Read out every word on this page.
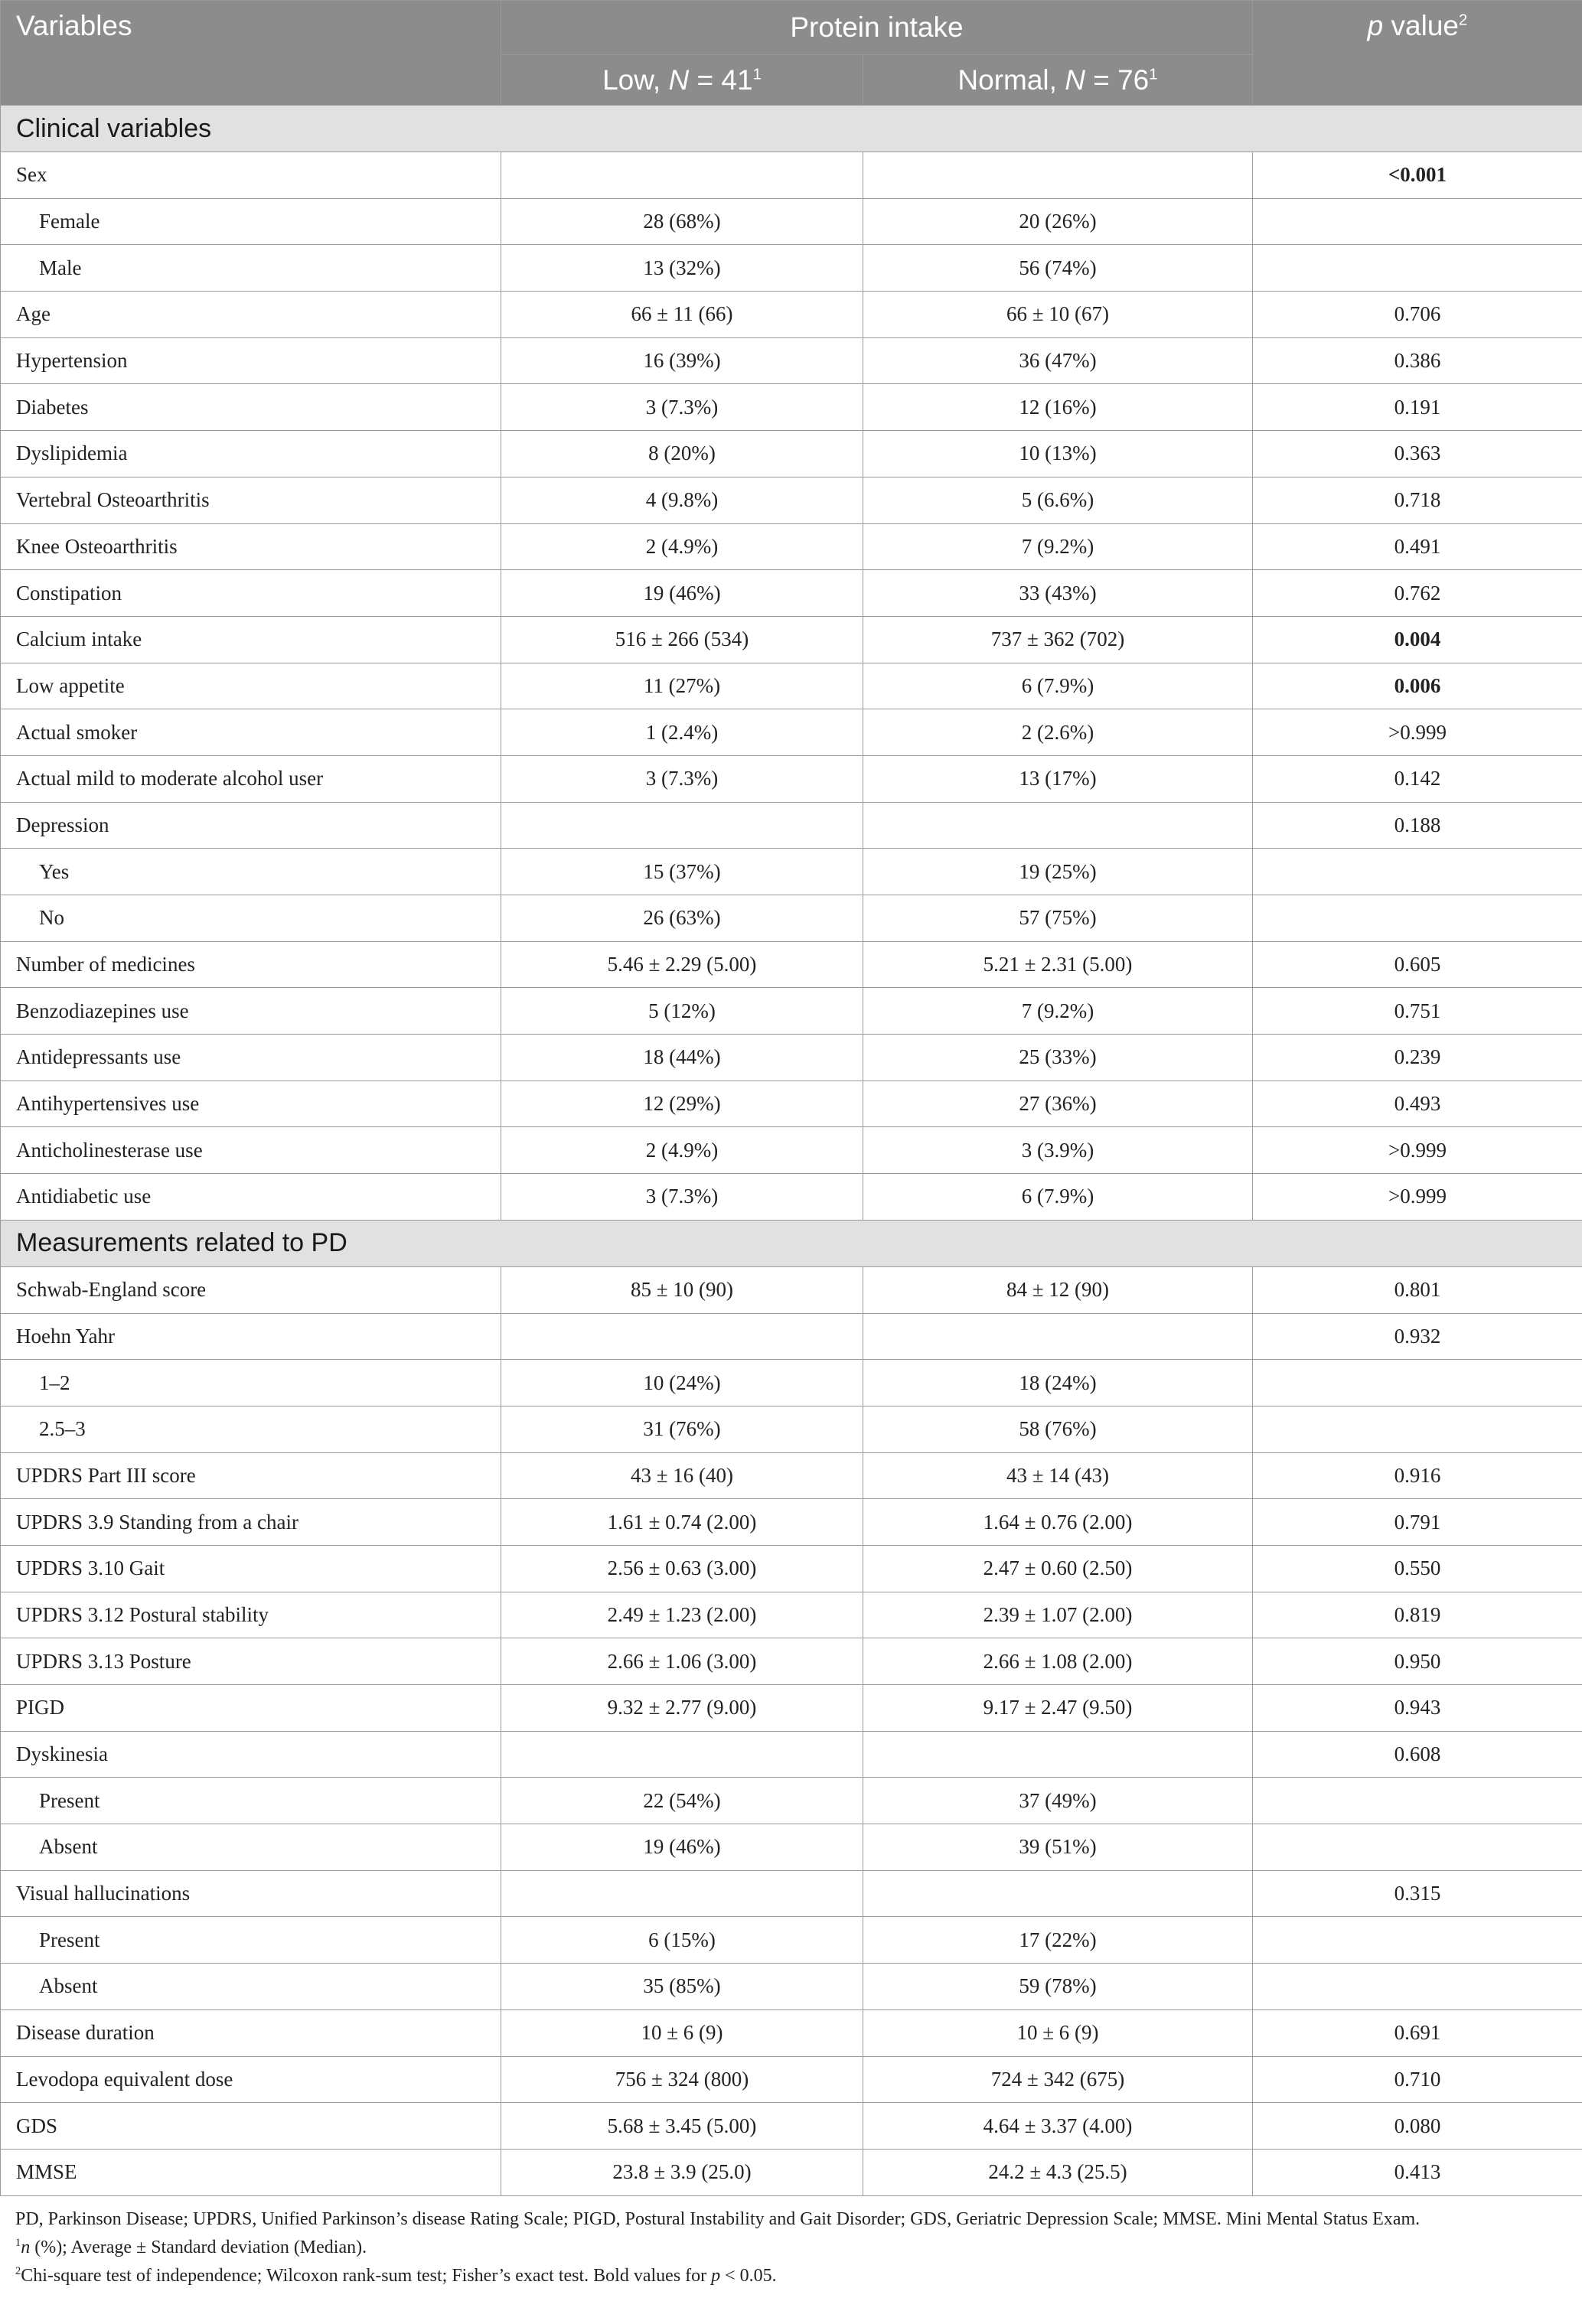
Variables	Protein intake		p value$^2$
	Low, $N = 41^1$	Normal, $N = 76^1$
Clinical variables			
Sex			<0.001
Female	28 (68%)	20 (26%)	
Male	13 (32%)	56 (74%)	
Age	66 ± 11 (66)	66 ± 10 (67)	0.706
Hypertension	16 (39%)	36 (47%)	0.386
Diabetes	3 (7.3%)	12 (16%)	0.191
Dyslipidemia	8 (20%)	10 (13%)	0.363
Vertebral Osteoarthritis	4 (9.8%)	5 (6.6%)	0.718
Knee Osteoarthritis	2 (4.9%)	7 (9.2%)	0.491
Constipation	19 (46%)	33 (43%)	0.762
Calcium intake	516 ± 266 (534)	737 ± 362 (702)	0.004
Low appetite	11 (27%)	6 (7.9%)	0.006
Actual smoker	1 (2.4%)	2 (2.6%)	>0.999
Actual mild to moderate alcohol user	3 (7.3%)	13 (17%)	0.142
Depression			0.188
Yes	15 (37%)	19 (25%)	
No	26 (63%)	57 (75%)	
Number of medicines	5.46 ± 2.29 (5.00)	5.21 ± 2.31 (5.00)	0.605
Benzodiazepines use	5 (12%)	7 (9.2%)	0.751
Antidepressants use	18 (44%)	25 (33%)	0.239
Antihypertensives use	12 (29%)	27 (36%)	0.493
Anticholinesterase use	2 (4.9%)	3 (3.9%)	>0.999
Antidiabetic use	3 (7.3%)	6 (7.9%)	>0.999
Measurements related to PD			
Schwab-England score	85 ± 10 (90)	84 ± 12 (90)	0.801
Hoehn Yahr			0.932
1–2	10 (24%)	18 (24%)	
2.5–3	31 (76%)	58 (76%)	
UPDRS Part III score	43 ± 16 (40)	43 ± 14 (43)	0.916
UPDRS 3.9 Standing from a chair	1.61 ± 0.74 (2.00)	1.64 ± 0.76 (2.00)	0.791
UPDRS 3.10 Gait	2.56 ± 0.63 (3.00)	2.47 ± 0.60 (2.50)	0.550
UPDRS 3.12 Postural stability	2.49 ± 1.23 (2.00)	2.39 ± 1.07 (2.00)	0.819
UPDRS 3.13 Posture	2.66 ± 1.06 (3.00)	2.66 ± 1.08 (2.00)	0.950
PIGD	9.32 ± 2.77 (9.00)	9.17 ± 2.47 (9.50)	0.943
Dyskinesia			0.608
Present	22 (54%)	37 (49%)	
Absent	19 (46%)	39 (51%)	
Visual hallucinations			0.315
Present	6 (15%)	17 (22%)	
Absent	35 (85%)	59 (78%)	
Disease duration	10 ± 6 (9)	10 ± 6 (9)	0.691
Levodopa equivalent dose	756 ± 324 (800)	724 ± 342 (675)	0.710
GDS	5.68 ± 3.45 (5.00)	4.64 ± 3.37 (4.00)	0.080
MMSE	23.8 ± 3.9 (25.0)	24.2 ± 4.3 (25.5)	0.413
PD, Parkinson Disease; UPDRS, Unified Parkinson’s disease Rating Scale; PIGD, Postural Instability and Gait Disorder; GDS, Geriatric Depression Scale; MMSE. Mini Mental Status Exam.
$^1$n (%); Average ± Standard deviation (Median).
$^2$Chi-square test of independence; Wilcoxon rank-sum test; Fisher’s exact test. Bold values for p < 0.05.
